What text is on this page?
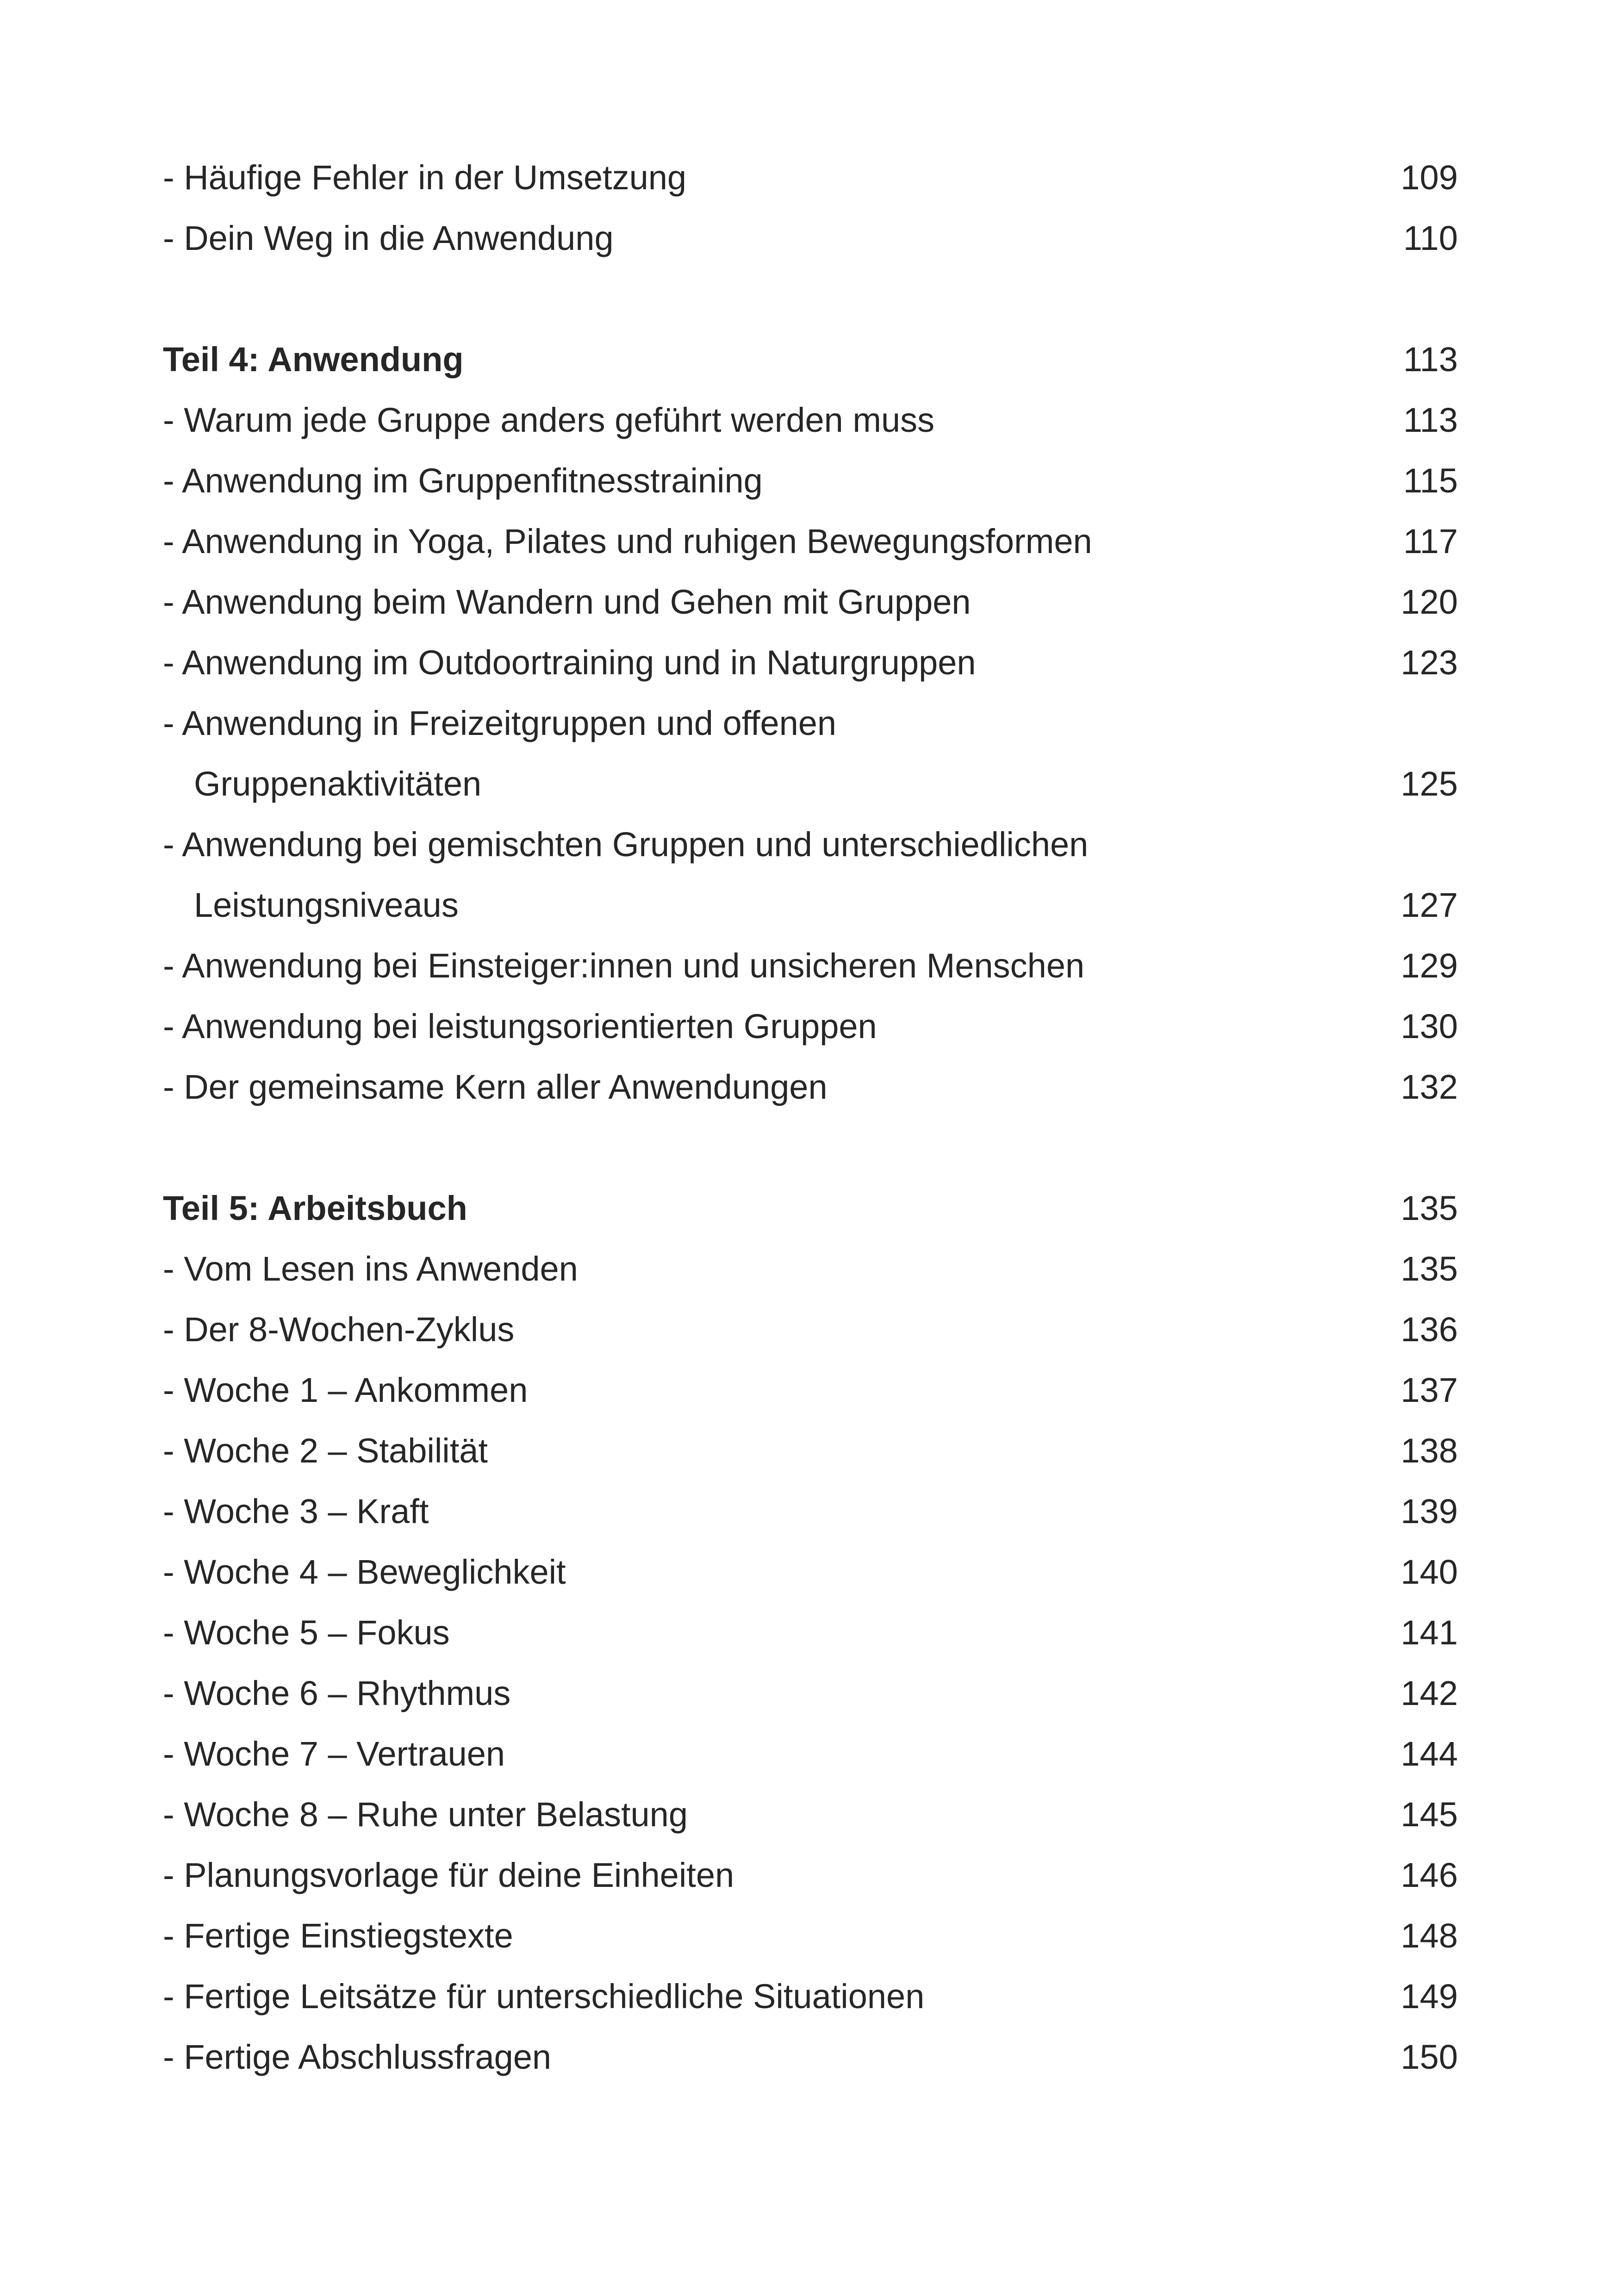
- Häufige Fehler in der Umsetzung	109
- Dein Weg in die Anwendung	110
Teil 4: Anwendung	113
- Warum jede Gruppe anders geführt werden muss	113
- Anwendung im Gruppenfitnesstraining	115
- Anwendung in Yoga, Pilates und ruhigen Bewegungsformen	117
- Anwendung beim Wandern und Gehen mit Gruppen	120
- Anwendung im Outdoortraining und in Naturgruppen	123
- Anwendung in Freizeitgruppen und offenen
Gruppenaktivitäten	125
- Anwendung bei gemischten Gruppen und unterschiedlichen
Leistungsniveaus	127
- Anwendung bei Einsteiger:innen und unsicheren Menschen	129
- Anwendung bei leistungsorientierten Gruppen	130
- Der gemeinsame Kern aller Anwendungen	132
Teil 5: Arbeitsbuch	135
- Vom Lesen ins Anwenden	135
- Der 8-Wochen-Zyklus	136
- Woche 1 – Ankommen	137
- Woche 2 – Stabilität	138
- Woche 3 – Kraft	139
- Woche 4 – Beweglichkeit	140
- Woche 5 – Fokus	141
- Woche 6 – Rhythmus	142
- Woche 7 – Vertrauen	144
- Woche 8 – Ruhe unter Belastung	145
- Planungsvorlage für deine Einheiten	146
- Fertige Einstiegstexte	148
- Fertige Leitsätze für unterschiedliche Situationen	149
- Fertige Abschlussfragen	150
